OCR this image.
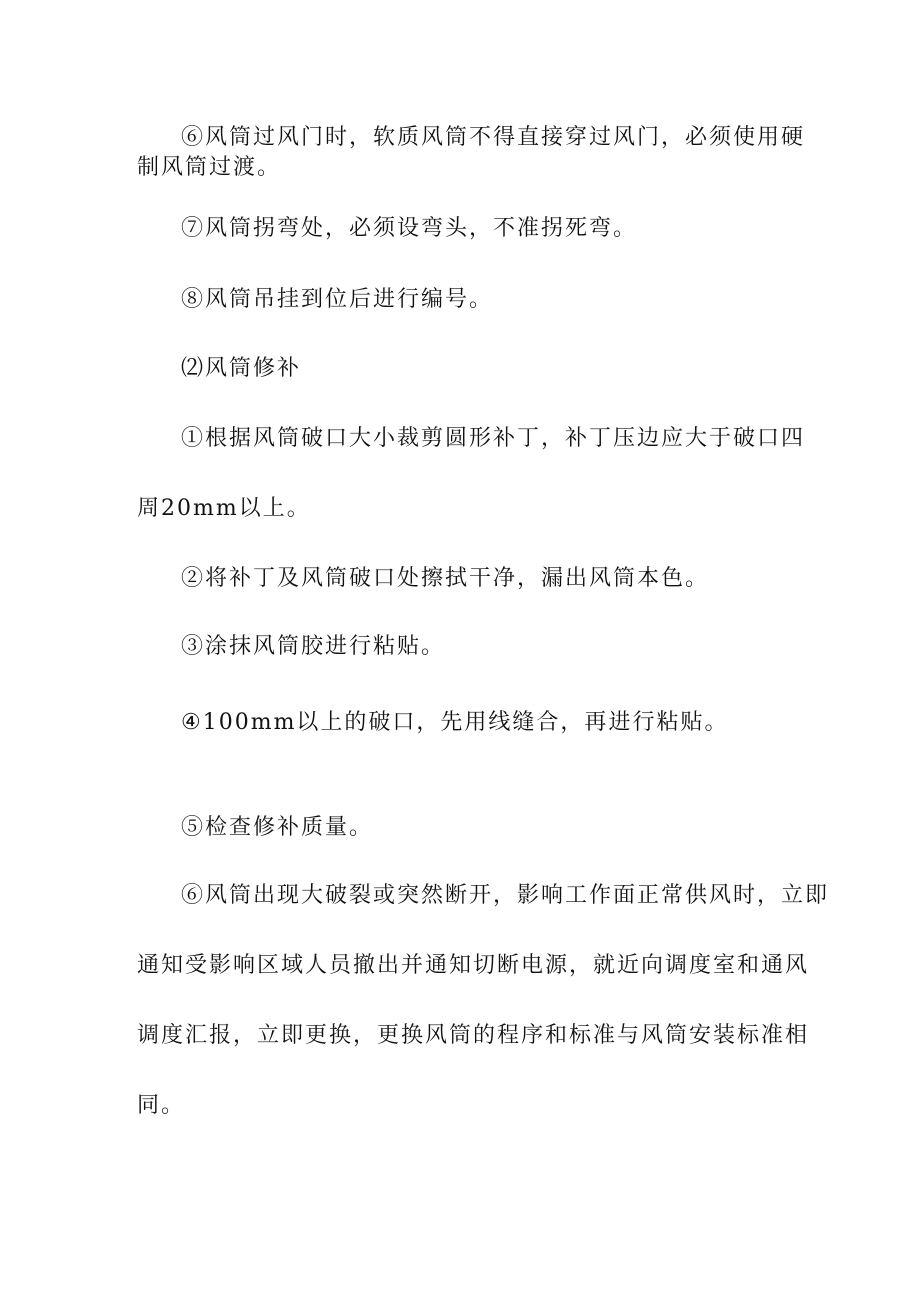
⑥风筒过风门时，软质风筒不得直接穿过风门，必须使用硬
制风筒过渡。
⑦风筒拐弯处，必须设弯头，不准拐死弯。
⑧风筒吊挂到位后进行编号。
⑵风筒修补
①根据风筒破口大小裁剪圆形补丁，补丁压边应大于破口四
周20mm以上。
②将补丁及风筒破口处擦拭干净，漏出风筒本色。
③涂抹风筒胶进行粘贴。
④100mm以上的破口，先用线缝合，再进行粘贴。
⑤检查修补质量。
⑥风筒出现大破裂或突然断开，影响工作面正常供风时，立即
通知受影响区域人员撤出并通知切断电源，就近向调度室和通风
调度汇报，立即更换，更换风筒的程序和标准与风筒安装标准相
同。
